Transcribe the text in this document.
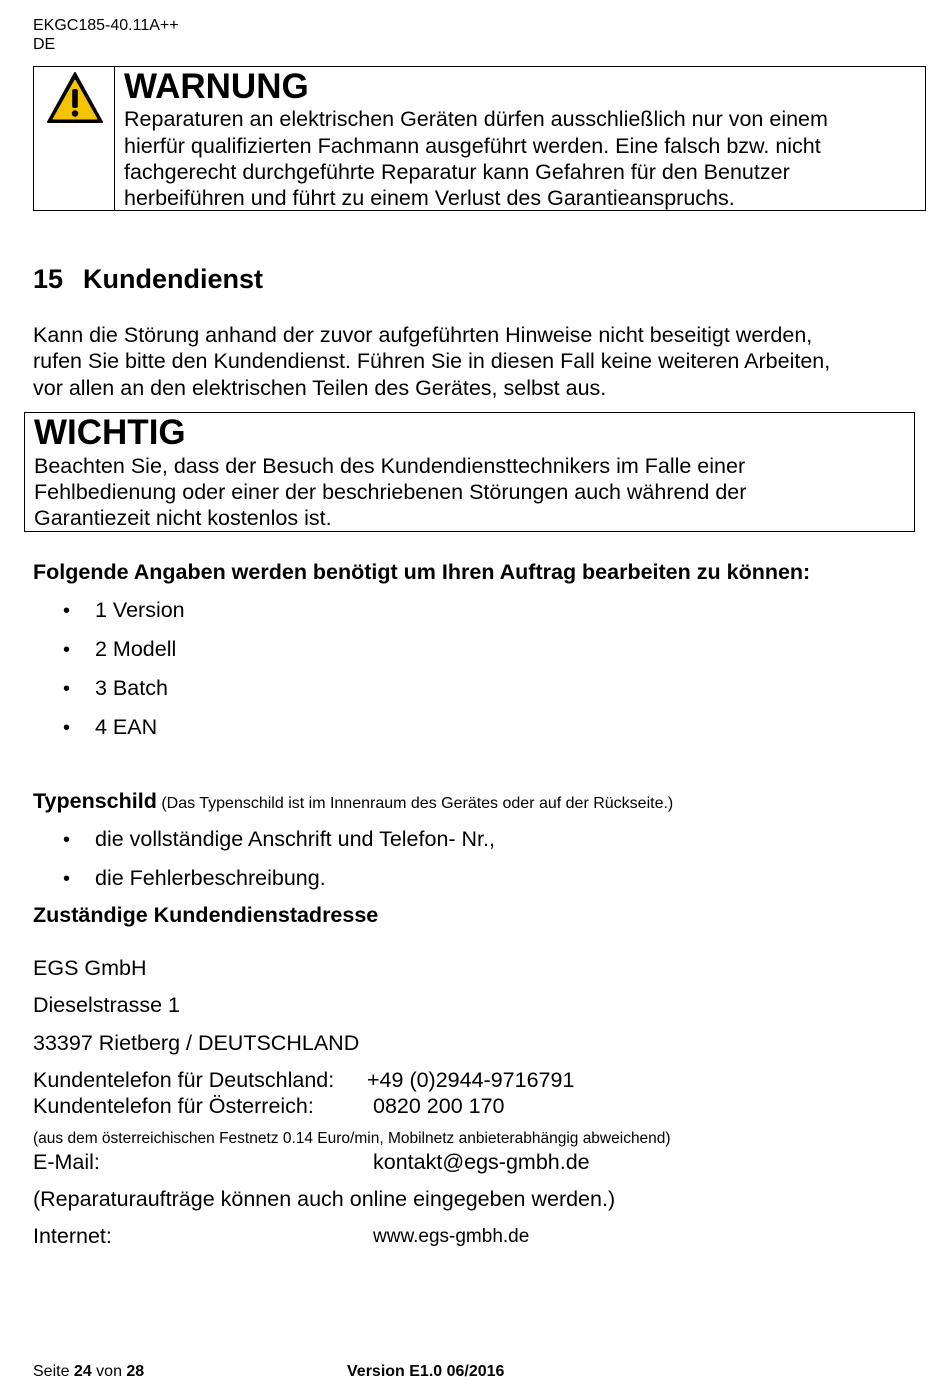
EKGC185-40.11A++
DE
WARNUNG
Reparaturen an elektrischen Geräten dürfen ausschließlich nur von einem
hierfür qualifizierten Fachmann ausgeführt werden. Eine falsch bzw. nicht
fachgerecht durchgeführte Reparatur kann Gefahren für den Benutzer
herbeiführen und führt zu einem Verlust des Garantieanspruchs.
15 Kundendienst
Kann die Störung anhand der zuvor aufgeführten Hinweise nicht beseitigt werden,
rufen Sie bitte den Kundendienst. Führen Sie in diesen Fall keine weiteren Arbeiten,
vor allen an den elektrischen Teilen des Gerätes, selbst aus.
WICHTIG
Beachten Sie, dass der Besuch des Kundendiensttechnikers im Falle einer
Fehlbedienung oder einer der beschriebenen Störungen auch während der
Garantiezeit nicht kostenlos ist.
Folgende Angaben werden benötigt um Ihren Auftrag bearbeiten zu können:
• 1 Version
• 2 Modell
• 3 Batch
• 4 EAN
Typenschild (Das Typenschild ist im Innenraum des Gerätes oder auf der Rückseite.)
• die vollständige Anschrift und Telefon- Nr.,
• die Fehlerbeschreibung.
Zuständige Kundendienstadresse
EGS GmbH
Dieselstrasse 1
33397 Rietberg / DEUTSCHLAND
Kundentelefon für Deutschland: +49 (0)2944-9716791
Kundentelefon für Österreich:	0820 200 170
(aus dem österreichischen Festnetz 0.14 Euro/min, Mobilnetz anbieterabhängig abweichend)
E-Mail:	kontakt@egs-gmbh.de
(Reparaturaufträge können auch online eingegeben werden.)
Internet:	www.egs-gmbh.de
Seite 24 von 28	Version E1.0 06/2016
